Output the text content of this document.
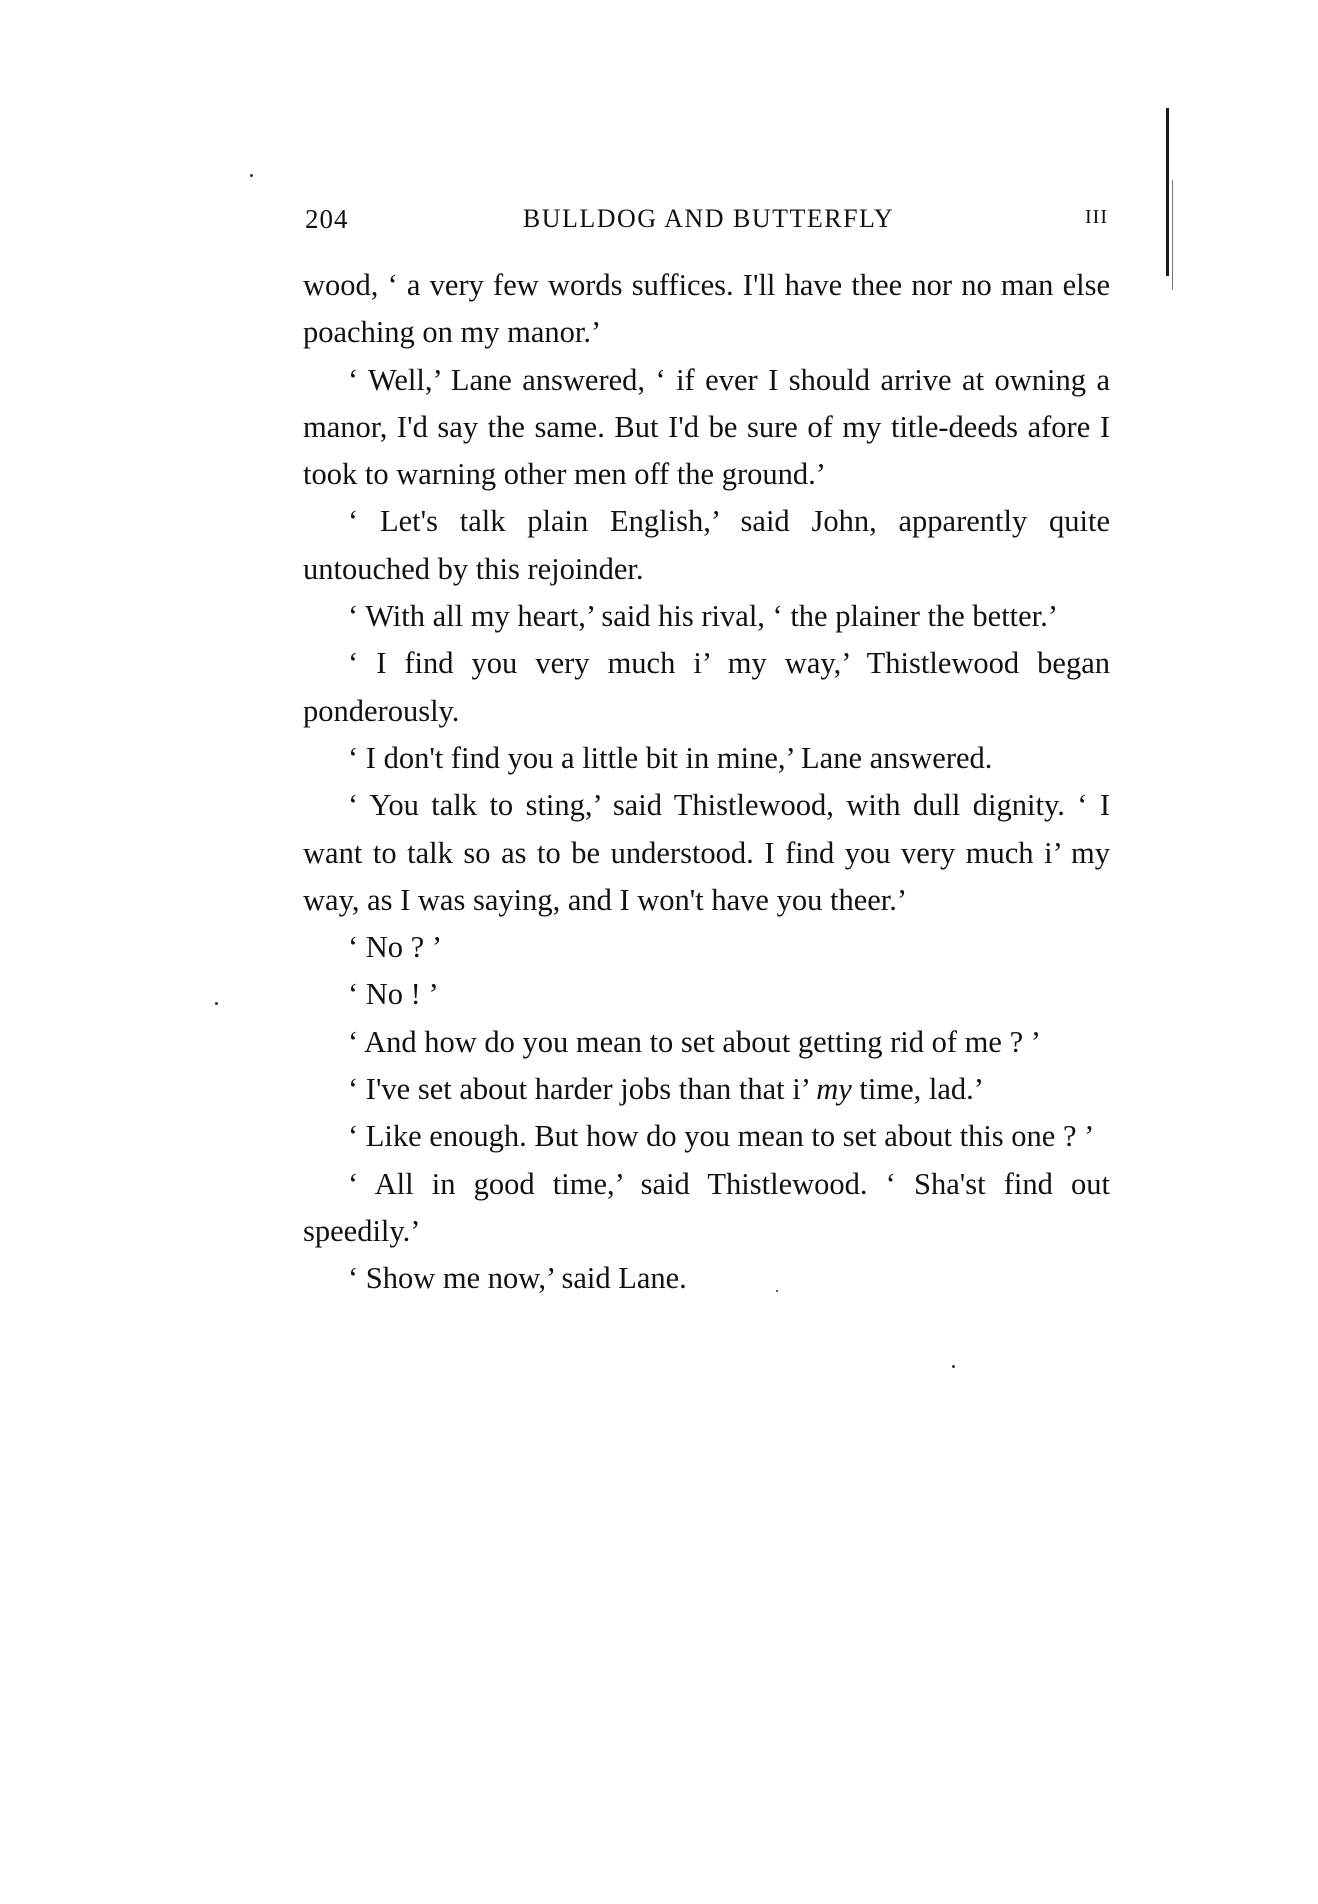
204	BULLDOG AND BUTTERFLY	III

wood, ‘ a very few words suffices. I'll have thee nor no man else poaching on my manor.’

‘ Well,’ Lane answered, ‘ if ever I should arrive at owning a manor, I'd say the same. But I'd be sure of my title-deeds afore I took to warning other men off the ground.’

‘ Let's talk plain English,’ said John, apparently quite untouched by this rejoinder.

‘ With all my heart,’ said his rival, ‘ the plainer the better.’

‘ I find you very much i’ my way,’ Thistlewood began ponderously.

‘ I don't find you a little bit in mine,’ Lane answered.

‘ You talk to sting,’ said Thistlewood, with dull dignity. ‘ I want to talk so as to be understood. I find you very much i’ my way, as I was saying, and I won't have you theer.’

‘ No ? ’

‘ No ! ’

‘ And how do you mean to set about getting rid of me ? ’

‘ I've set about harder jobs than that i’ my time, lad.’

‘ Like enough. But how do you mean to set about this one ? ’

‘ All in good time,’ said Thistlewood. ‘ Sha'st find out speedily.’

‘ Show me now,’ said Lane.
